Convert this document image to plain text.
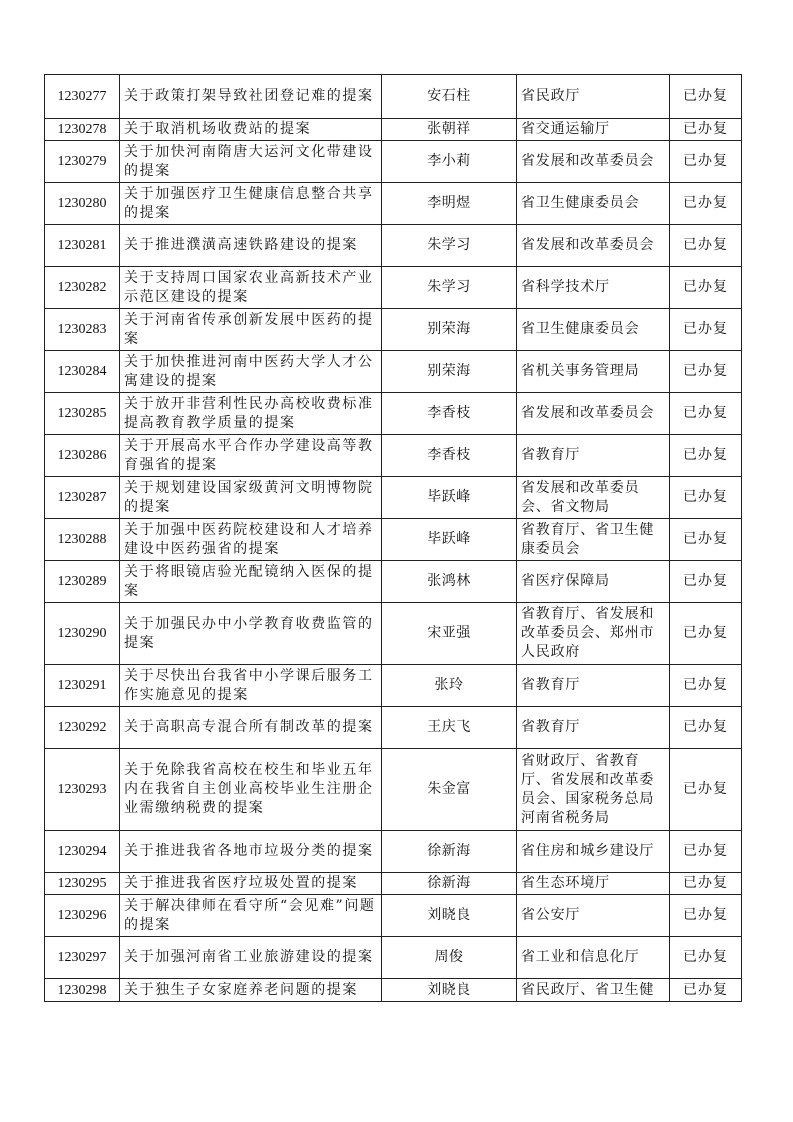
1230277	关于政策打架导致社团登记难的提案	安石柱	省民政厅	已办复

1230278	关于取消机场收费站的提案	张朝祥	省交通运输厅	已办复

1230279	关于加快河南隋唐大运河文化带建设的提案	李小莉	省发展和改革委员会	已办复

1230280	关于加强医疗卫生健康信息整合共享的提案	李明煜	省卫生健康委员会	已办复

1230281	关于推进濮潢高速铁路建设的提案	朱学习	省发展和改革委员会	已办复

1230282	关于支持周口国家农业高新技术产业示范区建设的提案	朱学习	省科学技术厅	已办复

1230283	关于河南省传承创新发展中医药的提案	别荣海	省卫生健康委员会	已办复

1230284	关于加快推进河南中医药大学人才公寓建设的提案	别荣海	省机关事务管理局	已办复

1230285	关于放开非营利性民办高校收费标准提高教育教学质量的提案	李香枝	省发展和改革委员会	已办复

1230286	关于开展高水平合作办学建设高等教育强省的提案	李香枝	省教育厅	已办复

1230287	关于规划建设国家级黄河文明博物院的提案	毕跃峰	省发展和改革委员会、省文物局	已办复

1230288	关于加强中医药院校建设和人才培养建设中医药强省的提案	毕跃峰	省教育厅、省卫生健康委员会	已办复

1230289	关于将眼镜店验光配镜纳入医保的提案	张鸿林	省医疗保障局	已办复

1230290	关于加强民办中小学教育收费监管的提案	宋亚强	省教育厅、省发展和改革委员会、郑州市人民政府	已办复

1230291	关于尽快出台我省中小学课后服务工作实施意见的提案	张玲	省教育厅	已办复

1230292	关于高职高专混合所有制改革的提案	王庆飞	省教育厅	已办复

1230293	关于免除我省高校在校生和毕业五年内在我省自主创业高校毕业生注册企业需缴纳税费的提案	朱金富	省财政厅、省教育厅、省发展和改革委员会、国家税务总局河南省税务局	已办复

1230294	关于推进我省各地市垃圾分类的提案	徐新海	省住房和城乡建设厅	已办复

1230295	关于推进我省医疗垃圾处置的提案	徐新海	省生态环境厅	已办复

1230296	关于解决律师在看守所“会见难”问题的提案	刘晓良	省公安厅	已办复

1230297	关于加强河南省工业旅游建设的提案	周俊	省工业和信息化厅	已办复

1230298	关于独生子女家庭养老问题的提案	刘晓良	省民政厅、省卫生健	已办复
